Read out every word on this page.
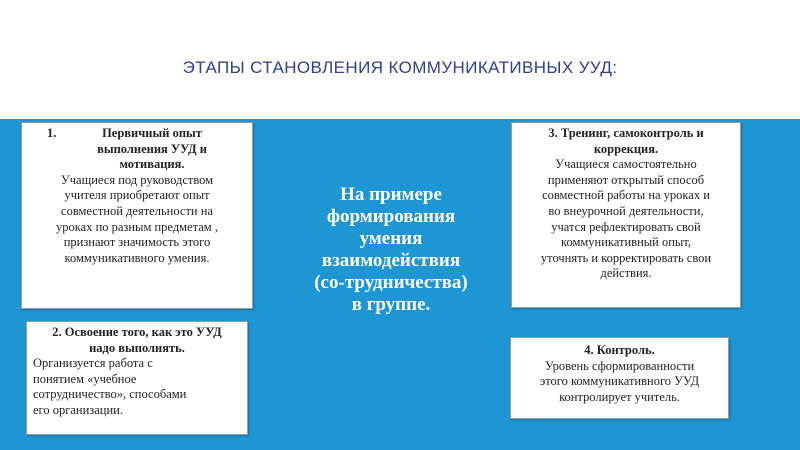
ЭТАПЫ СТАНОВЛЕНИЯ КОММУНИКАТИВНЫХ УУД:
На примере
формирования
умения
взаимодействия
(со-трудничества)
в группе.
1.	Первичный опыт
выполнения УУД и
мотивация.
Учащиеся под руководством
учителя приобретают опыт
совместной деятельности на
уроках по разным предметам ,
признают значимость этого
коммуникативного умения.
2. Освоение того, как это УУД
надо выполнять.
Организуется работа с
понятием «учебное
сотрудничество», способами
его организации.
3. Тренинг, самоконтроль и
коррекция.
Учащиеся самостоятельно
применяют открытый способ
совместной работы на уроках и
во внеурочной деятельности,
учатся рефлектировать свой
коммуникативный опыт,
уточнять и корректировать свои
действия.
4. Контроль.
Уровень сформированности
этого коммуникативного УУД
контролирует учитель.
